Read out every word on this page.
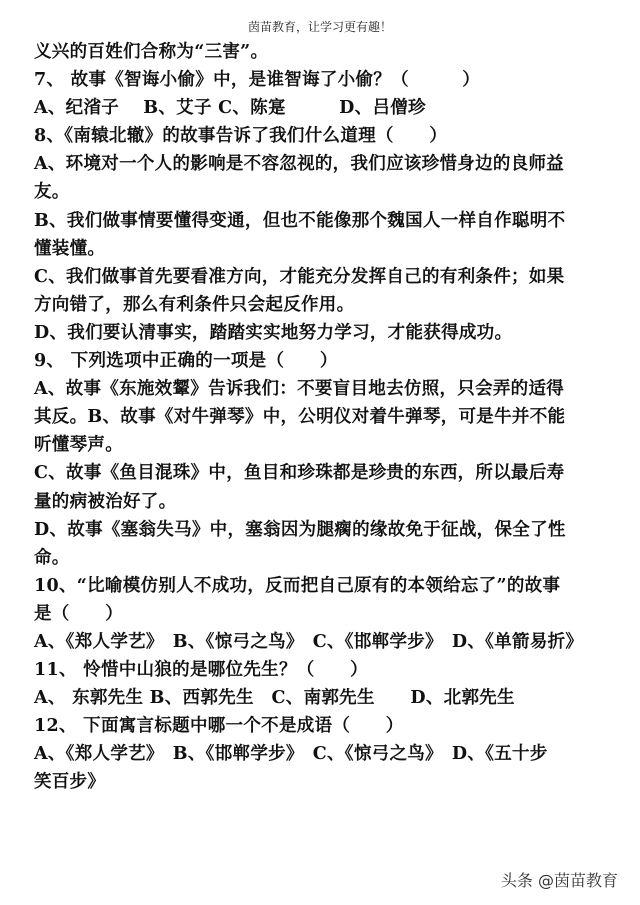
茵苗教育，让学习更有趣！
义兴的百姓们合称为“三害”。
7、 故事《智诲小偷》中，是谁智诲了小偷？（　　　）
A、纪渻子　 B、艾子 C、陈寔　　　D、吕僧珍
8、《南辕北辙》的故事告诉了我们什么道理（　　）
A、环境对一个人的影响是不容忽视的，我们应该珍惜身边的良师益
友。
B、我们做事情要懂得变通，但也不能像那个魏国人一样自作聪明不
懂装懂。
C、我们做事首先要看准方向，才能充分发挥自己的有利条件；如果
方向错了，那么有利条件只会起反作用。
D、我们要认清事实，踏踏实实地努力学习，才能获得成功。
9、 下列选项中正确的一项是（　　）
A、故事《东施效颦》告诉我们：不要盲目地去仿照，只会弄的适得
其反。B、故事《对牛弹琴》中，公明仪对着牛弹琴，可是牛并不能
听懂琴声。
C、故事《鱼目混珠》中，鱼目和珍珠都是珍贵的东西，所以最后寿
量的病被治好了。
D、故事《塞翁失马》中，塞翁因为腿瘸的缘故免于征战，保全了性
命。
10、“比喻模仿别人不成功，反而把自己原有的本领给忘了”的故事
是（　　）
A、《郑人学艺》　B、《惊弓之鸟》　C、《邯郸学步》　D、《单箭易折》
11、 怜惜中山狼的是哪位先生？（　　）
A、 东郭先生 B、西郭先生　C、南郭先生　　D、北郭先生
12、 下面寓言标题中哪一个不是成语（　　）
A、《郑人学艺》　B、《邯郸学步》　C、《惊弓之鸟》　D、《五十步
笑百步》
头条 @茵苗教育
